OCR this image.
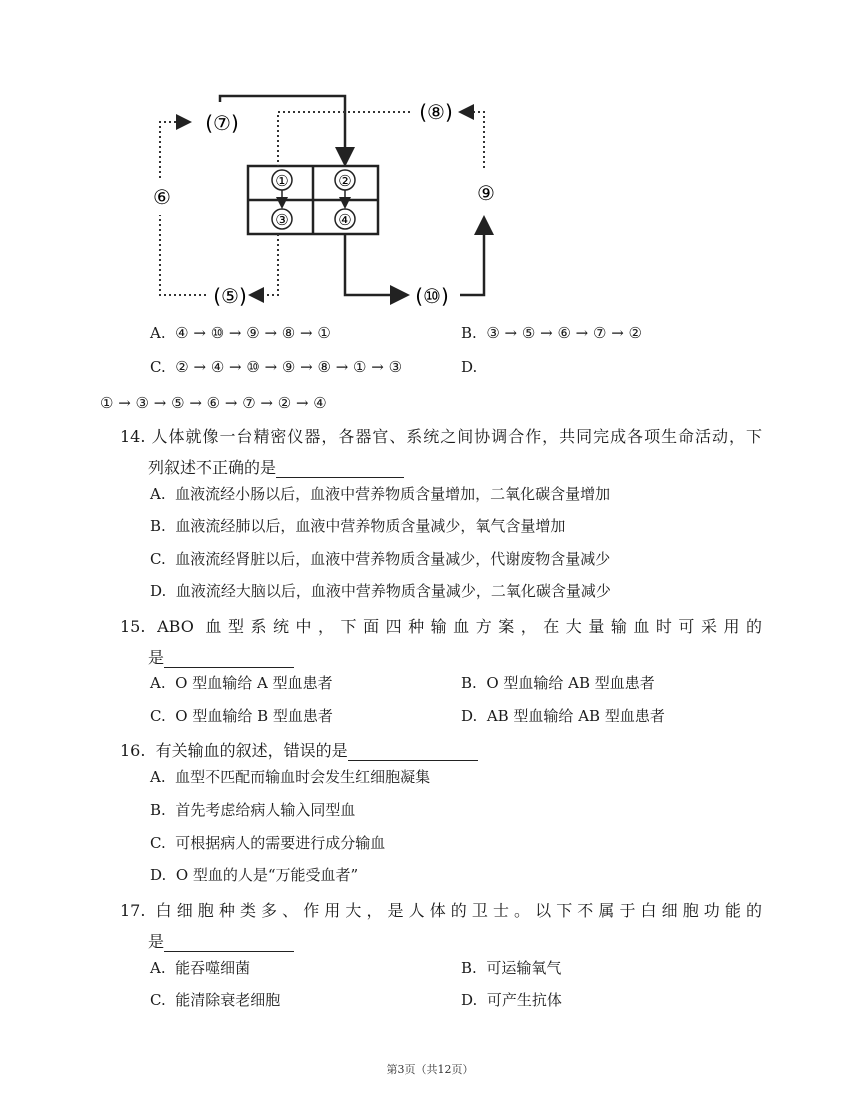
①	②
③	④
(⑦)	(⑧)
⑥	⑨
(⑤)	(⑩)
A. ④ → ⑩ → ⑨ → ⑧ → ①	B. ③ → ⑤ → ⑥ → ⑦ → ②
C. ② → ④ → ⑩ → ⑨ → ⑧ → ① → ③	D.
① → ③ → ⑤ → ⑥ → ⑦ → ② → ④
14. 人体就像一台精密仪器，各器官、系统之间协调合作，共同完成各项生命活动，下
列叙述不正确的是
A. 血液流经小肠以后，血液中营养物质含量增加，二氧化碳含量增加
B. 血液流经肺以后，血液中营养物质含量减少，氧气含量增加
C. 血液流经肾脏以后，血液中营养物质含量减少，代谢废物含量减少
D. 血液流经大脑以后，血液中营养物质含量减少，二氧化碳含量减少
15. ABO 血型系统中，下面四种输血方案，在大量输血时可采用的
是
A. O 型血输给 A 型血患者	B. O 型血输给 AB 型血患者
C. O 型血输给 B 型血患者	D. AB 型血输给 AB 型血患者
16. 有关输血的叙述，错误的是
A. 血型不匹配而输血时会发生红细胞凝集
B. 首先考虑给病人输入同型血
C. 可根据病人的需要进行成分输血
D. O 型血的人是“万能受血者”
17. 白细胞种类多、作用大，是人体的卫士。以下不属于白细胞功能的
是
A. 能吞噬细菌	B. 可运输氧气
C. 能清除衰老细胞	D. 可产生抗体
第3页（共12页）
